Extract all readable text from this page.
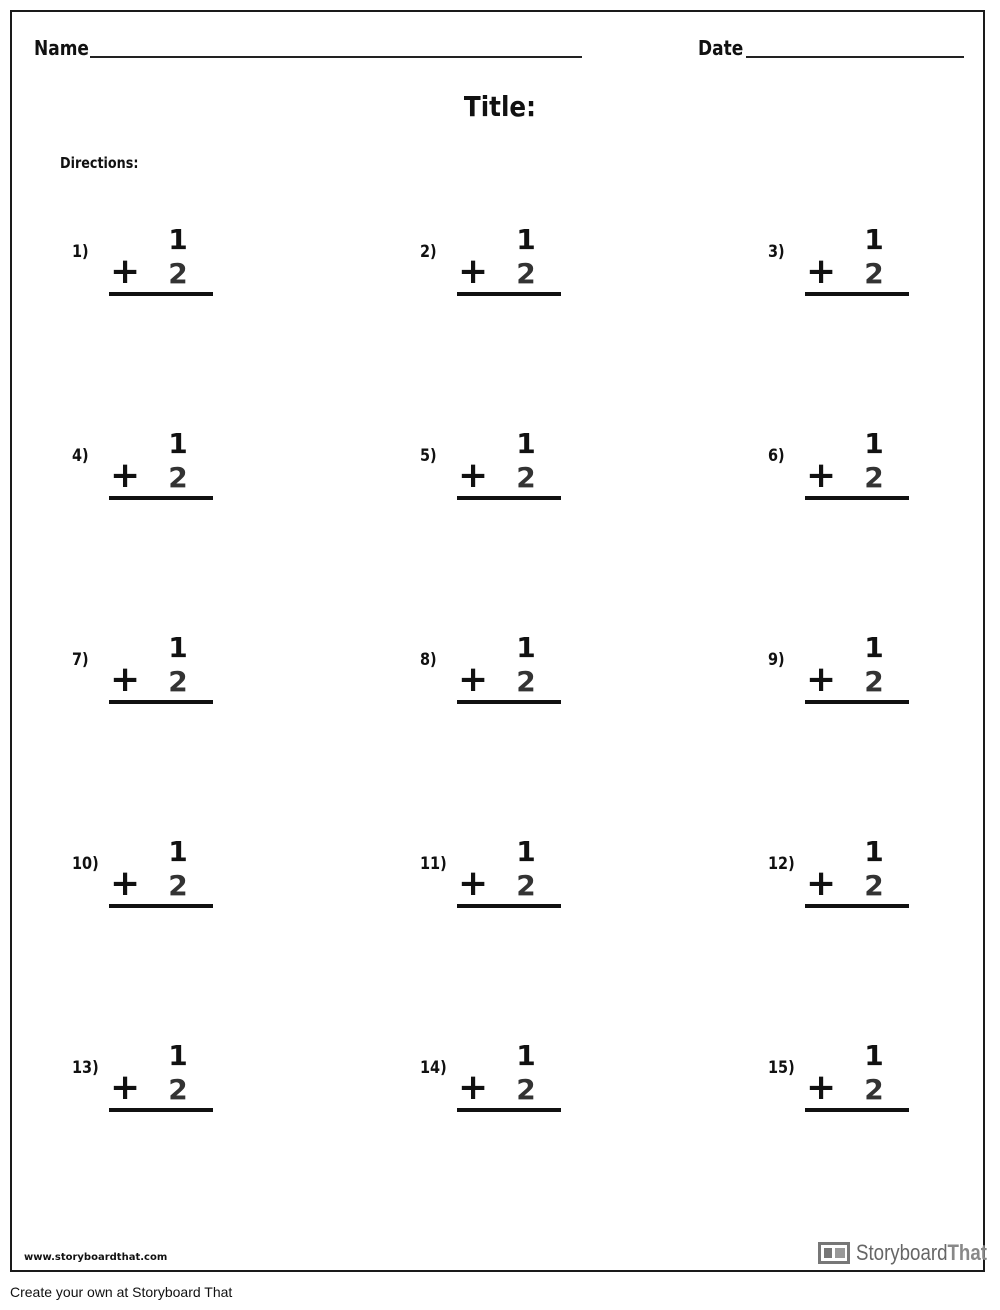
Name	Date
Title:
Directions:
1)	1
+ 2
2)	1
+ 2
3)	1
+ 2
4)	1
+ 2
5)	1
+ 2
6)	1
+ 2
7)	1
+ 2
8)	1
+ 2
9)	1
+ 2
10) 1
+ 2
11) 1
+ 2
12) 1
+ 2
13) 1
+ 2
14) 1
+ 2
15) 1
+ 2
www.storyboardthat.com	StoryboardThat
Create your own at Storyboard That
